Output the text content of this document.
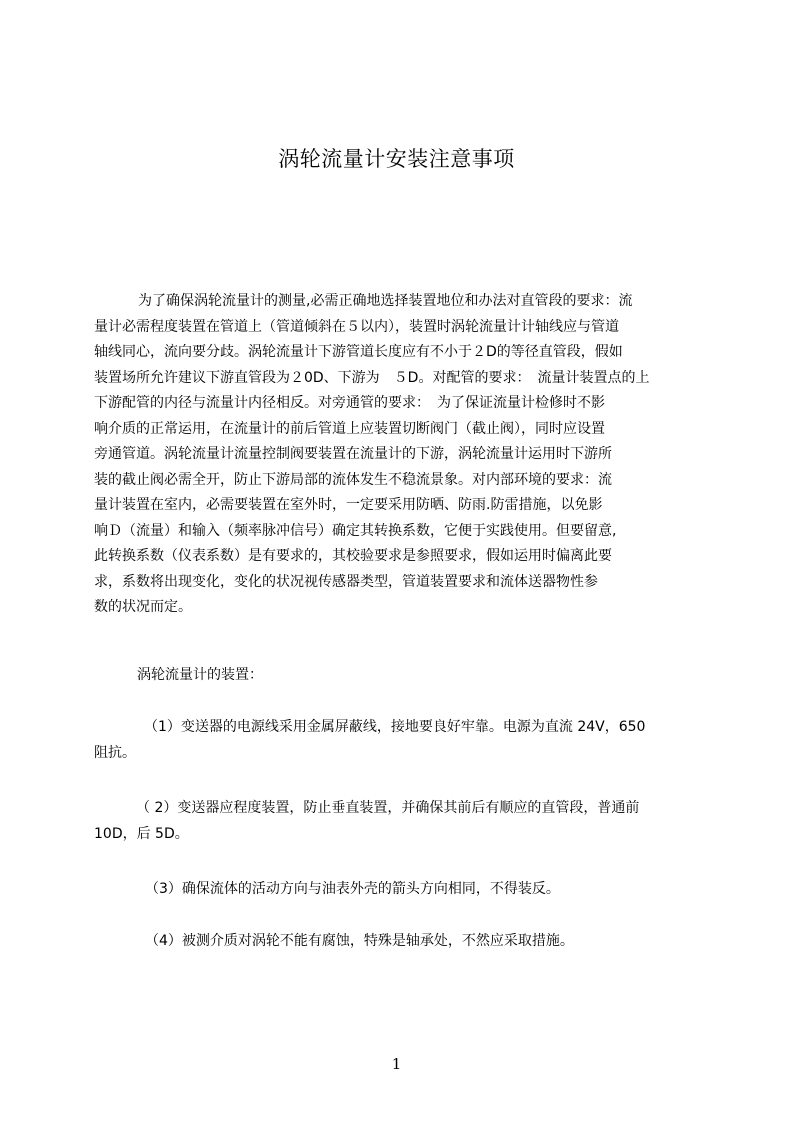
涡轮流量计安装注意事项
为了确保涡轮流量计的测量,必需正确地选择装置地位和办法对直管段的要求：流
量计必需程度装置在管道上（管道倾斜在５以内），装置时涡轮流量计计轴线应与管道
轴线同心，流向要分歧。涡轮流量计下游管道长度应有不小于２D的等径直管段，假如
装置场所允许建议下游直管段为２0D、下游为　５D。对配管的要求：　流量计装置点的上
下游配管的内径与流量计内径相反。对旁通管的要求：　为了保证流量计检修时不影
响介质的正常运用，在流量计的前后管道上应装置切断阀门（截止阀），同时应设置
旁通管道。涡轮流量计流量控制阀要装置在流量计的下游，涡轮流量计运用时下游所
装的截止阀必需全开，防止下游局部的流体发生不稳流景象。对内部环境的要求：流
量计装置在室内，必需要装置在室外时，一定要采用防晒、防雨.防雷措施，以免影
响Ｄ（流量）和输入（频率脉冲信号）确定其转换系数，它便于实践使用。但要留意,
此转换系数（仪表系数）是有要求的，其校验要求是参照要求，假如运用时偏离此要
求，系数将出现变化，变化的状况视传感器类型，管道装置要求和流体送器物性参
数的状况而定。

涡轮流量计的装置：

（1）变送器的电源线采用金属屏蔽线，接地要良好牢靠。电源为直流 24V，650
阻抗。
（ 2）变送器应程度装置，防止垂直装置，并确保其前后有顺应的直管段，普通前
10D，后 5D。
（3）确保流体的活动方向与油表外壳的箭头方向相同，不得装反。
（4）被测介质对涡轮不能有腐蚀，特殊是轴承处，不然应采取措施。

1
